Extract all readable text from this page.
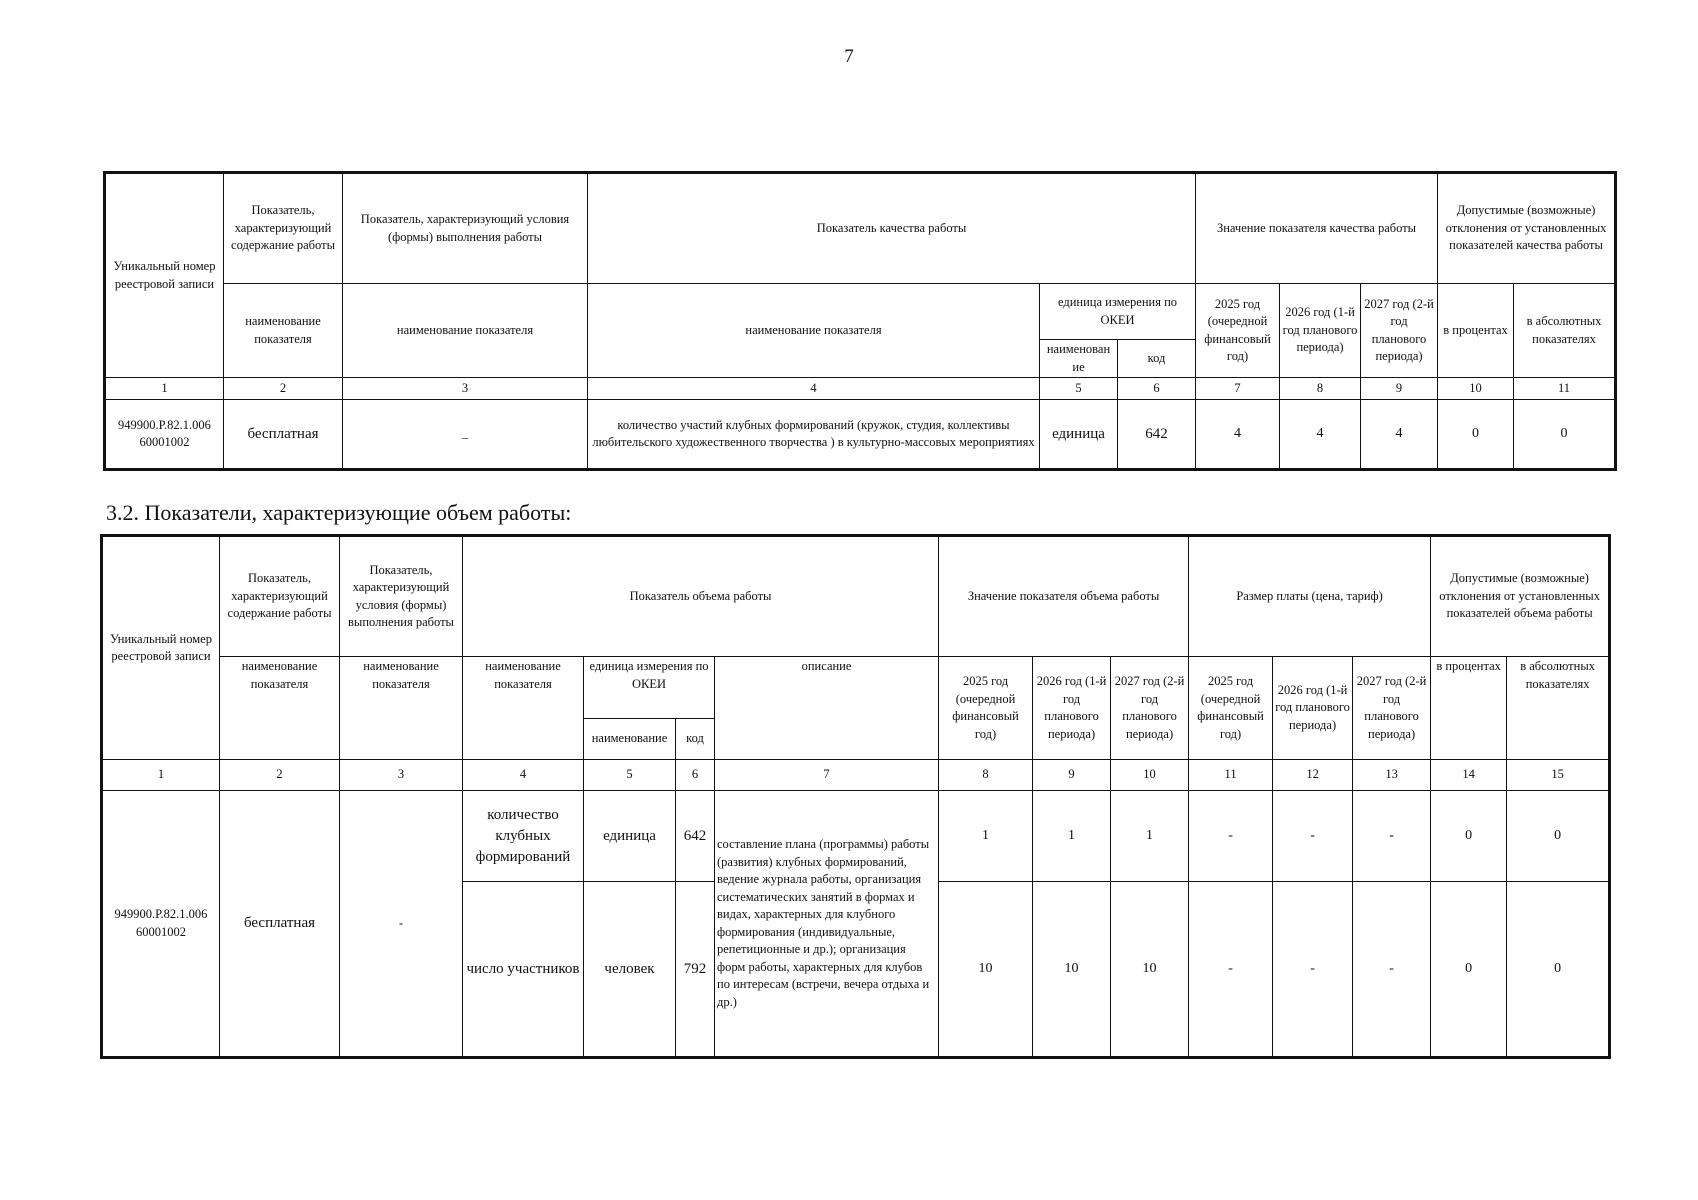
7
Уникальный номер реестровой записи	Показатель, характеризующий содержание работы	Показатель, характеризующий условия (формы) выполнения работы	Показатель качества работы			Значение показателя качества работы			Допустимые (возможные) отклонения от установленных показателей качества работы	
	наименование показателя	наименование показателя	наименование показателя	единица измерения по ОКЕИ		2025 год (очередной финансовый год)	2026 год (1-й год планового периода)	2027 год (2-й год планового периода)	в процентах	в абсолютных показателях
				наименован ие	код					
1	2	3	4	5	6	7	8	9	10	11
949900.Р.82.1.006 60001002	бесплатная	_	количество участий клубных формирований (кружок, студия, коллективы любительского художественного творчества ) в культурно-массовых мероприятиях	единица	642	4	4	4	0	0
3.2. Показатели, характеризующие объем работы:
Уникальный номер реестровой записи	Показатель, характеризующий содержание работы	Показатель, характеризующий условия (формы) выполнения работы	Показатель объема работы				Значение показателя объема работы			Размер платы (цена, тариф)			Допустимые (возможные) отклонения от установленных показателей объема работы	
	наименование показателя	наименование показателя	наименование показателя	единица измерения по ОКЕИ		описание	2025 год (очередной финансовый год)	2026 год (1-й год планового периода)	2027 год (2-й год планового периода)	2025 год (очередной финансовый год)	2026 год (1-й год планового периода)	2027 год (2-й год планового периода)	в процентах	в абсолютных показателях
				наименование	код									
1	2	3	4	5	6	7	8	9	10	11	12	13	14	15
949900.Р.82.1.006 60001002	бесплатная	-	количество клубных формирований	единица	642	составление плана (программы) работы (развития) клубных формирований, ведение журнала работы, организация систематических занятий в формах и видах, характерных для клубного формирования (индивидуальные, репетиционные и др.); организация форм работы, характерных для клубов по интересам (встречи, вечера отдыха и др.)	1	1	1	-	-	-	0	0
			число участников	человек	792		10	10	10	-	-	-	0	0
